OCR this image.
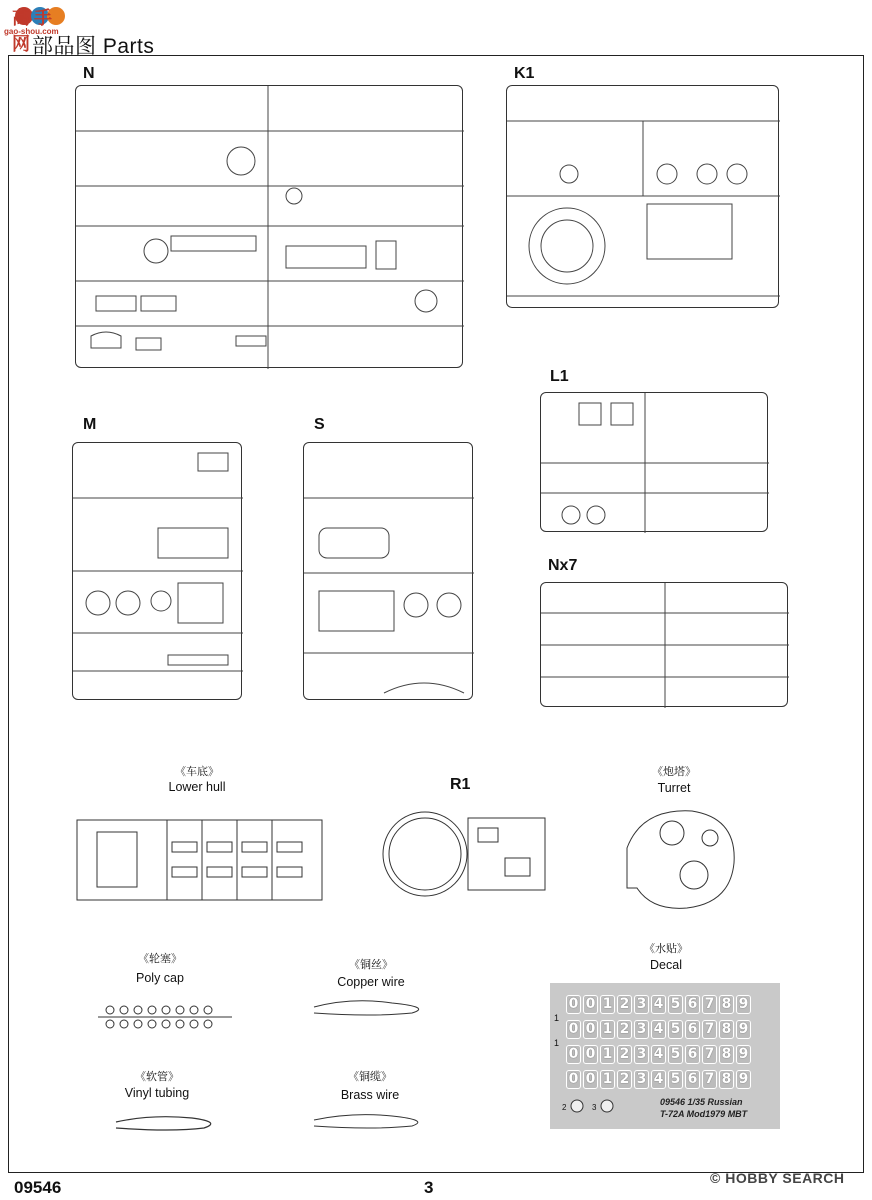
高手网
gao-shou.com
部品图 Parts
N	K1
L1
M	S
Nx7
《车底》
Lower hull	R1
《炮塔》
Turret
《轮塞》
Poly cap
《铜丝》
Copper wire
《水贴》
Decal
1
1
0 0 1 2 3 4 5 6 7 8 9
0 0 1 2 3 4 5 6 7 8 9
0 0 1 2 3 4 5 6 7 8 9
0 0 1 2 3 4 5 6 7 8 9
2	3
09546 1/35 Russian
T-72A Mod1979 MBT
《软管》
Vinyl tubing
《铜缆》
Brass wire
09546	3	© HOBBY SEARCH
